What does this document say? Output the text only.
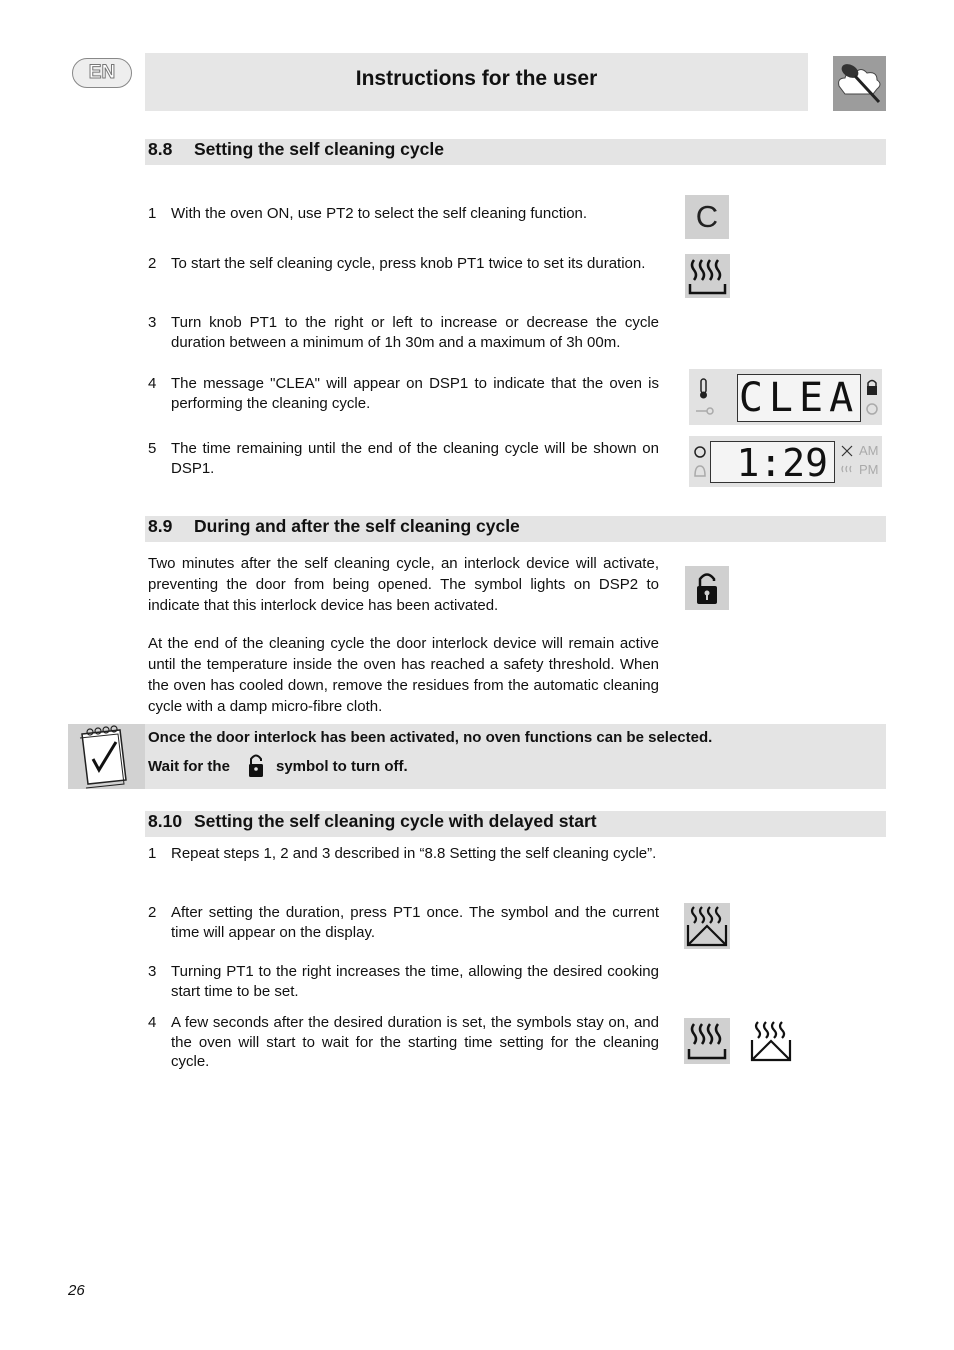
EN	Instructions for the user
8.8 Setting the self cleaning cycle
1 With the oven ON, use PT2 to select the self cleaning function.
2 To start the self cleaning cycle, press knob PT1 twice to set its duration.
3 Turn knob PT1 to the right or left to increase or decrease the cycle duration between a minimum of 1h 30m and a maximum of 3h 00m.
4 The message "CLEA" will appear on DSP1 to indicate that the oven is performing the cleaning cycle.
5 The time remaining until the end of the cleaning cycle will be shown on DSP1.
C
CLEA
1:29	AM
PM
8.9 During and after the self cleaning cycle
Two minutes after the self cleaning cycle, an interlock device will activate, preventing the door from being opened. The symbol lights on DSP2 to indicate that this interlock device has been activated.
At the end of the cleaning cycle the door interlock device will remain active until the temperature inside the oven has reached a safety threshold. When the oven has cooled down, remove the residues from the automatic cleaning cycle with a damp micro-fibre cloth.
Once the door interlock has been activated, no oven functions can be selected.
Wait for the	symbol to turn off.
8.10 Setting the self cleaning cycle with delayed start
1 Repeat steps 1, 2 and 3 described in “8.8 Setting the self cleaning cycle”.
2 After setting the duration, press PT1 once. The symbol and the current time will appear on the display.
3 Turning PT1 to the right increases the time, allowing the desired cooking start time to be set.
4 A few seconds after the desired duration is set, the symbols stay on, and the oven will start to wait for the starting time setting for the cleaning cycle.
26
